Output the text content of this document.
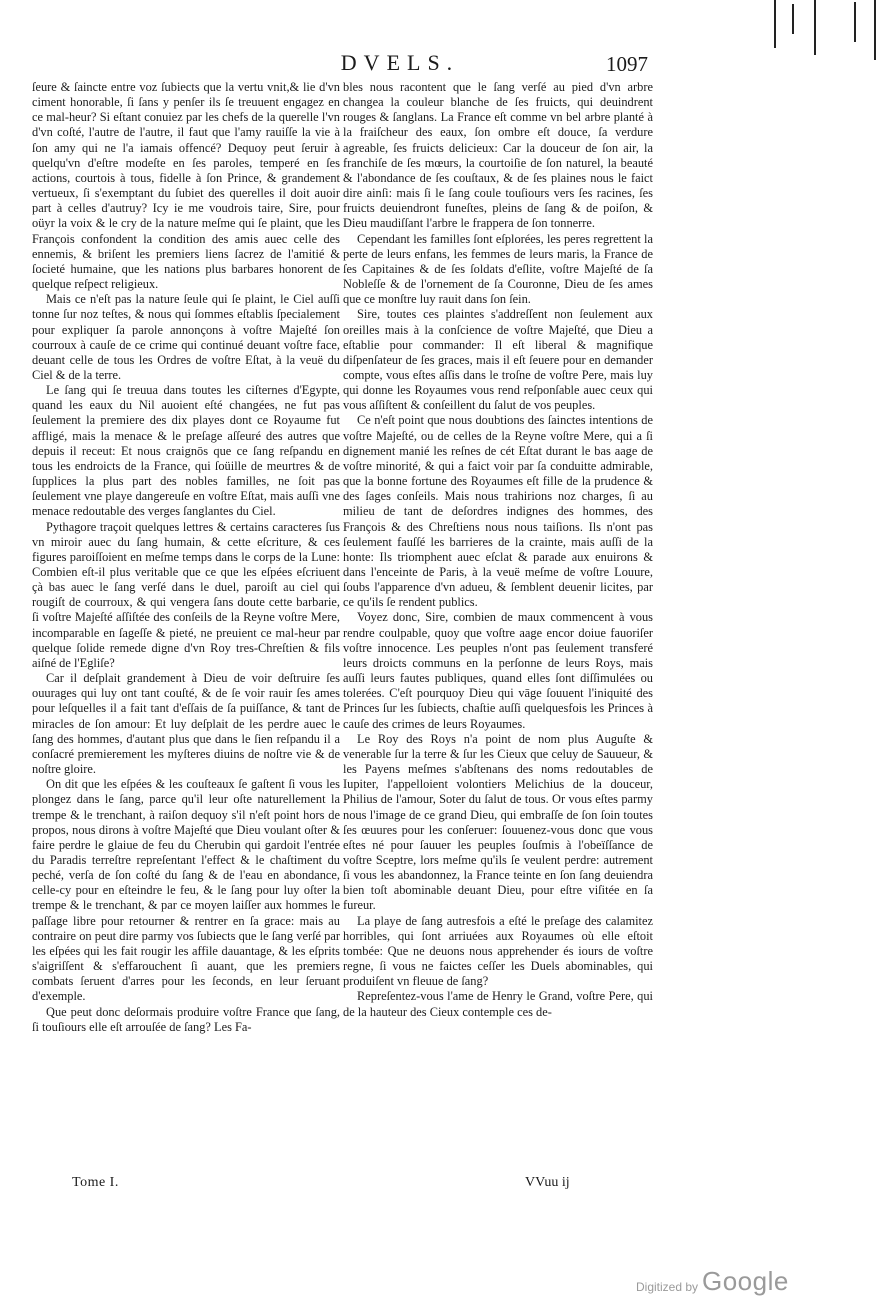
DVELS.	1097

ſeure & ſaincte entre voz ſubiects que la vertu vnit,& lie d'vn ciment honorable, ſi ſans y penſer ils ſe treuuent engagez en ce mal-heur? Si eſtant conuiez par les chefs de la querelle l'vn d'vn coſté, l'autre de l'autre, il faut que l'amy rauiſſe la vie à ſon amy qui ne l'a iamais offencé? Dequoy peut ſeruir à quelqu'vn d'eſtre modeſte en ſes paroles, temperé en ſes actions, courtois à tous, fidelle à ſon Prince, & grandement vertueux, ſi s'exemptant du ſubiet des querelles il doit auoir part à celles d'autruy? Icy ie me voudrois taire, Sire, pour oüyr la voix & le cry de la nature meſme qui ſe plaint, que les François confondent la condition des amis auec celle des ennemis, & briſent les premiers liens ſacrez de l'amitié & ſocieté humaine, que les nations plus barbares honorent de quelque reſpect religieux.

Mais ce n'eſt pas la nature ſeule qui ſe plaint, le Ciel auſſi tonne ſur noz teſtes, & nous qui ſommes eſtablis ſpecialement pour expliquer ſa parole annonçons à voſtre Majeſté ſon courroux à cauſe de ce crime qui continué deuant voſtre face, deuant celle de tous les Ordres de voſtre Eſtat, à la veuë du Ciel & de la terre.

Le ſang qui ſe treuua dans toutes les ciſternes d'Egypte, quand les eaux du Nil auoient eſté changées, ne fut pas ſeulement la premiere des dix playes dont ce Royaume fut affligé, mais la menace & le preſage aſſeuré des autres que depuis il receut: Et nous craignōs que ce ſang reſpandu en tous les endroicts de la France, qui ſoüille de meurtres & de ſupplices la plus part des nobles familles, ne ſoit pas ſeulement vne playe dangereuſe en voſtre Eſtat, mais auſſi vne menace redoutable des verges ſanglantes du Ciel.

Pythagore traçoit quelques lettres & certains caracteres ſus vn miroir auec du ſang humain, & cette eſcriture, & ces figures paroiſſoient en meſme temps dans le corps de la Lune: Combien eſt-il plus veritable que ce que les eſpées eſcriuent çà bas auec le ſang verſé dans le duel, paroiſt au ciel qui rougiſt de courroux, & qui vengera ſans doute cette barbarie, ſi voſtre Majeſté aſſiſtée des conſeils de la Reyne voſtre Mere, incomparable en ſageſſe & pieté, ne preuient ce mal-heur par quelque ſolide remede digne d'vn Roy tres-Chreſtien & fils aiſné de l'Egliſe?

Car il deſplait grandement à Dieu de voir deſtruire ſes ouurages qui luy ont tant couſté, & de ſe voir rauir ſes ames pour leſquelles il a fait tant d'eſſais de ſa puiſſance, & tant de miracles de ſon amour: Et luy deſplait de les perdre auec le ſang des hommes, d'autant plus que dans le ſien reſpandu il a conſacré premierement les myſteres diuins de noſtre vie & de noſtre gloire.

On dit que les eſpées & les couſteaux ſe gaſtent ſi vous les plongez dans le ſang, parce qu'il leur oſte naturellement la trempe & le trenchant, à raiſon dequoy s'il n'eſt point hors de propos, nous dirons à voſtre Majeſté que Dieu voulant oſter & faire perdre le glaiue de feu du Cherubin qui gardoit l'entrée du Paradis terreſtre repreſentant l'effect & le chaſtiment du peché, verſa de ſon coſté du ſang & de l'eau en abondance, celle-cy pour en eſteindre le feu, & le ſang pour luy oſter la trempe & le trenchant, & par ce moyen laiſſer aux hommes le paſſage libre pour retourner & rentrer en ſa grace: mais au contraire on peut dire parmy vos ſubiects que le ſang verſé par les eſpées qui les fait rougir les affile dauantage, & les eſprits s'aigriſſent & s'effarouchent ſi auant, que les premiers combats ſeruent d'arres pour les ſeconds, en leur ſeruant d'exemple.

Que peut donc deſormais produire voſtre France que ſang, ſi touſiours elle eſt arrouſée de ſang? Les Fa-

bles nous racontent que le ſang verſé au pied d'vn arbre changea la couleur blanche de ſes fruicts, qui deuindrent rouges & ſanglans. La France eſt comme vn bel arbre planté à la fraiſcheur des eaux, ſon ombre eſt douce, ſa verdure agreable, ſes fruicts delicieux: Car la douceur de ſon air, la franchiſe de ſes mœurs, la courtoiſie de ſon naturel, la beauté & l'abondance de ſes couſtaux, & de ſes plaines nous le faict dire ainſi: mais ſi le ſang coule touſiours vers ſes racines, ſes fruicts deuiendront funeſtes, pleins de ſang & de poiſon, & Dieu maudiſſant l'arbre le frappera de ſon tonnerre.

Cependant les familles ſont eſplorées, les peres regrettent la perte de leurs enfans, les femmes de leurs maris, la France de ſes Capitaines & de ſes ſoldats d'eſlite, voſtre Majeſté de ſa Nobleſſe & de l'ornement de ſa Couronne, Dieu de ſes ames que ce monſtre luy rauit dans ſon ſein.

Sire, toutes ces plaintes s'addreſſent non ſeulement aux oreilles mais à la conſcience de voſtre Majeſté, que Dieu a eſtablie pour commander: Il eſt liberal & magnifique diſpenſateur de ſes graces, mais il eſt ſeuere pour en demander compte, vous eſtes aſſis dans le troſne de voſtre Pere, mais luy qui donne les Royaumes vous rend reſponſable auec ceux qui vous aſſiſtent & conſeillent du ſalut de vos peuples.

Ce n'eſt point que nous doubtions des ſainctes intentions de voſtre Majeſté, ou de celles de la Reyne voſtre Mere, qui a ſi dignement manié les reſnes de cét Eſtat durant le bas aage de voſtre minorité, & qui a faict voir par ſa conduitte admirable, que la bonne fortune des Royaumes eſt fille de la prudence & des ſages conſeils. Mais nous trahirions noz charges, ſi au milieu de tant de deſordres indignes des hommes, des François & des Chreſtiens nous nous taiſions. Ils n'ont pas ſeulement fauſſé les barrieres de la crainte, mais auſſi de la honte: Ils triomphent auec eſclat & parade aux enuirons & dans l'enceinte de Paris, à la veuë meſme de voſtre Louure, ſoubs l'apparence d'vn adueu, & ſemblent deuenir licites, par ce qu'ils ſe rendent publics.

Voyez donc, Sire, combien de maux commencent à vous rendre coulpable, quoy que voſtre aage encor doiue fauoriſer voſtre innocence. Les peuples n'ont pas ſeulement transferé leurs droicts communs en la perſonne de leurs Roys, mais auſſi leurs fautes publiques, quand elles ſont diſſimulées ou tolerées. C'eſt pourquoy Dieu qui vāge ſouuent l'iniquité des Princes ſur les ſubiects, chaſtie auſſi quelquesfois les Princes à cauſe des crimes de leurs Royaumes.

Le Roy des Roys n'a point de nom plus Auguſte & venerable ſur la terre & ſur les Cieux que celuy de Sauueur, & les Payens meſmes s'abſtenans des noms redoutables de Iupiter, l'appelloient volontiers Melichius de la douceur, Philius de l'amour, Soter du ſalut de tous. Or vous eſtes parmy nous l'image de ce grand Dieu, qui embraſſe de ſon ſoin toutes ſes œuures pour les conſeruer: ſouuenez-vous donc que vous eſtes né pour ſauuer les peuples ſouſmis à l'obeïſſance de voſtre Sceptre, lors meſme qu'ils ſe veulent perdre: autrement ſi vous les abandonnez, la France teinte en ſon ſang deuiendra bien toſt abominable deuant Dieu, pour eſtre viſitée en ſa fureur.

La playe de ſang autresfois a eſté le preſage des calamitez horribles, qui ſont arriuées aux Royaumes où elle eſtoit tombée: Que ne deuons nous apprehender és iours de voſtre regne, ſi vous ne faictes ceſſer les Duels abominables, qui produiſent vn fleuue de ſang?

Repreſentez-vous l'ame de Henry le Grand, voſtre Pere, qui de la hauteur des Cieux contemple ces de-

Tome I.	VVuu ij
Digitized by Google
